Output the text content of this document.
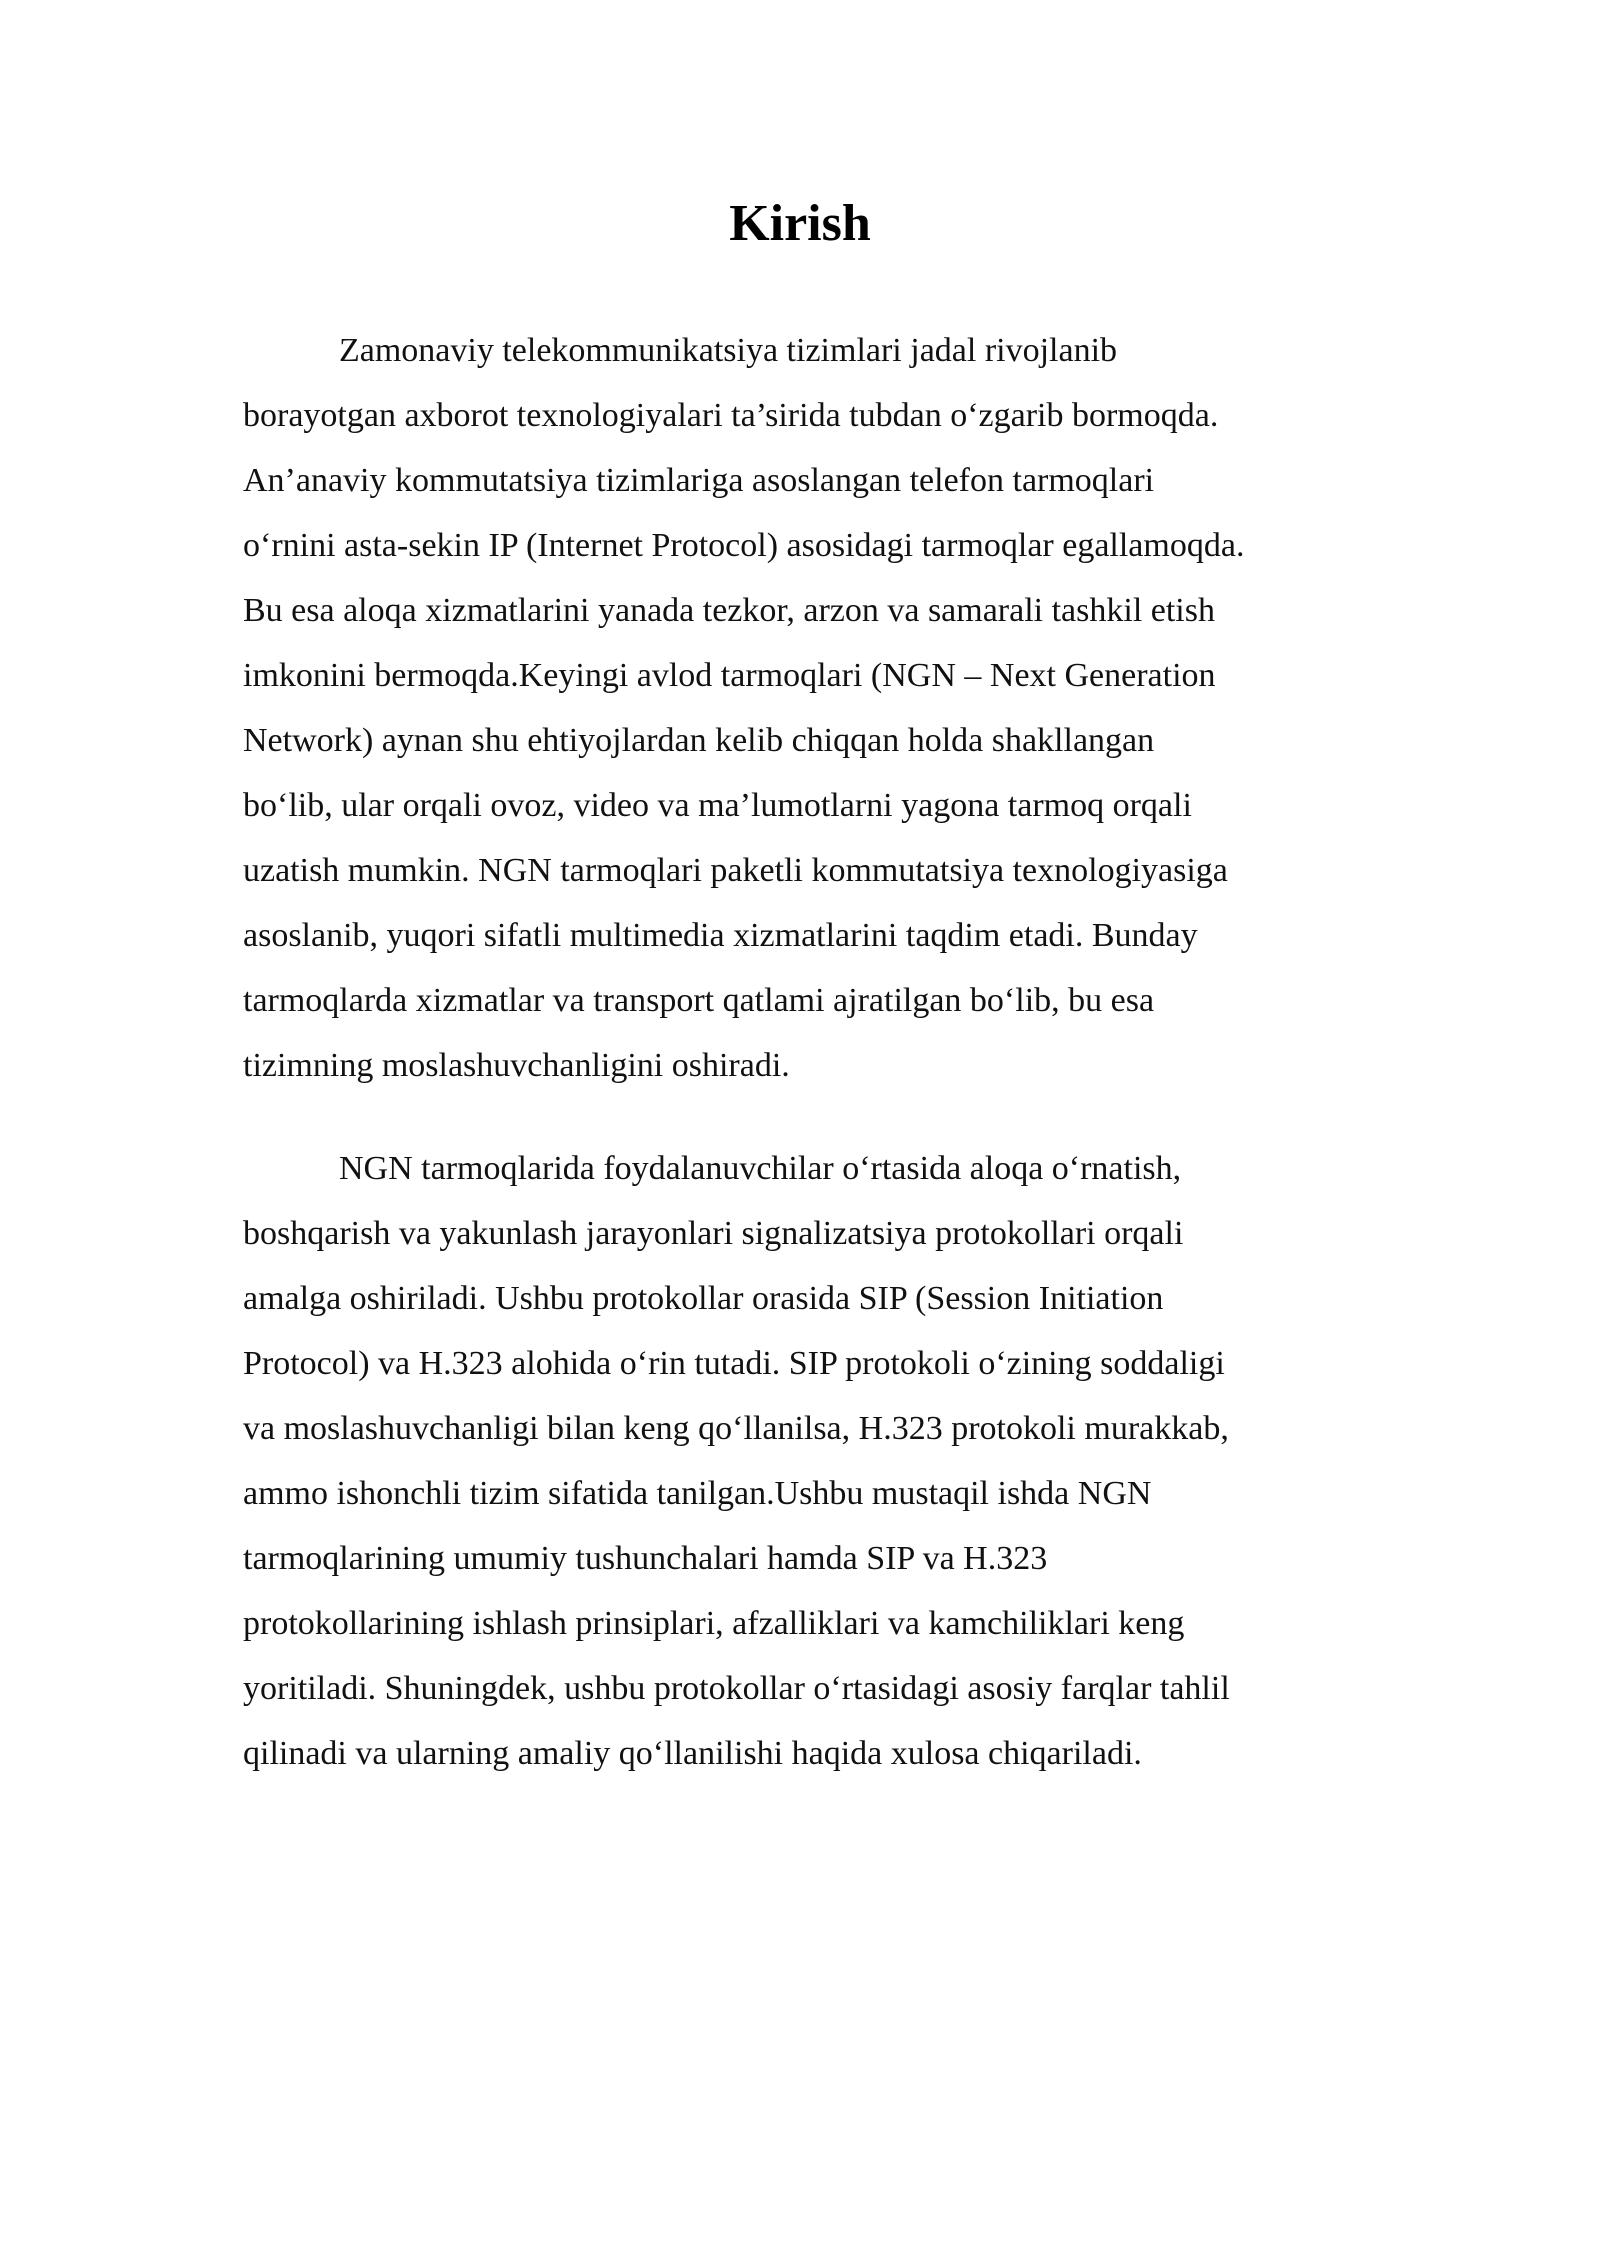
Kirish
Zamonaviy telekommunikatsiya tizimlari jadal rivojlanib
borayotgan axborot texnologiyalari ta’sirida tubdan o‘zgarib bormoqda.
An’anaviy kommutatsiya tizimlariga asoslangan telefon tarmoqlari
o‘rnini asta-sekin IP (Internet Protocol) asosidagi tarmoqlar egallamoqda.
Bu esa aloqa xizmatlarini yanada tezkor, arzon va samarali tashkil etish
imkonini bermoqda.Keyingi avlod tarmoqlari (NGN – Next Generation
Network) aynan shu ehtiyojlardan kelib chiqqan holda shakllangan
bo‘lib, ular orqali ovoz, video va ma’lumotlarni yagona tarmoq orqali
uzatish mumkin. NGN tarmoqlari paketli kommutatsiya texnologiyasiga
asoslanib, yuqori sifatli multimedia xizmatlarini taqdim etadi. Bunday
tarmoqlarda xizmatlar va transport qatlami ajratilgan bo‘lib, bu esa
tizimning moslashuvchanligini oshiradi.
NGN tarmoqlarida foydalanuvchilar o‘rtasida aloqa o‘rnatish,
boshqarish va yakunlash jarayonlari signalizatsiya protokollari orqali
amalga oshiriladi. Ushbu protokollar orasida SIP (Session Initiation
Protocol) va H.323 alohida o‘rin tutadi. SIP protokoli o‘zining soddaligi
va moslashuvchanligi bilan keng qo‘llanilsa, H.323 protokoli murakkab,
ammo ishonchli tizim sifatida tanilgan.Ushbu mustaqil ishda NGN
tarmoqlarining umumiy tushunchalari hamda SIP va H.323
protokollarining ishlash prinsiplari, afzalliklari va kamchiliklari keng
yoritiladi. Shuningdek, ushbu protokollar o‘rtasidagi asosiy farqlar tahlil
qilinadi va ularning amaliy qo‘llanilishi haqida xulosa chiqariladi.
